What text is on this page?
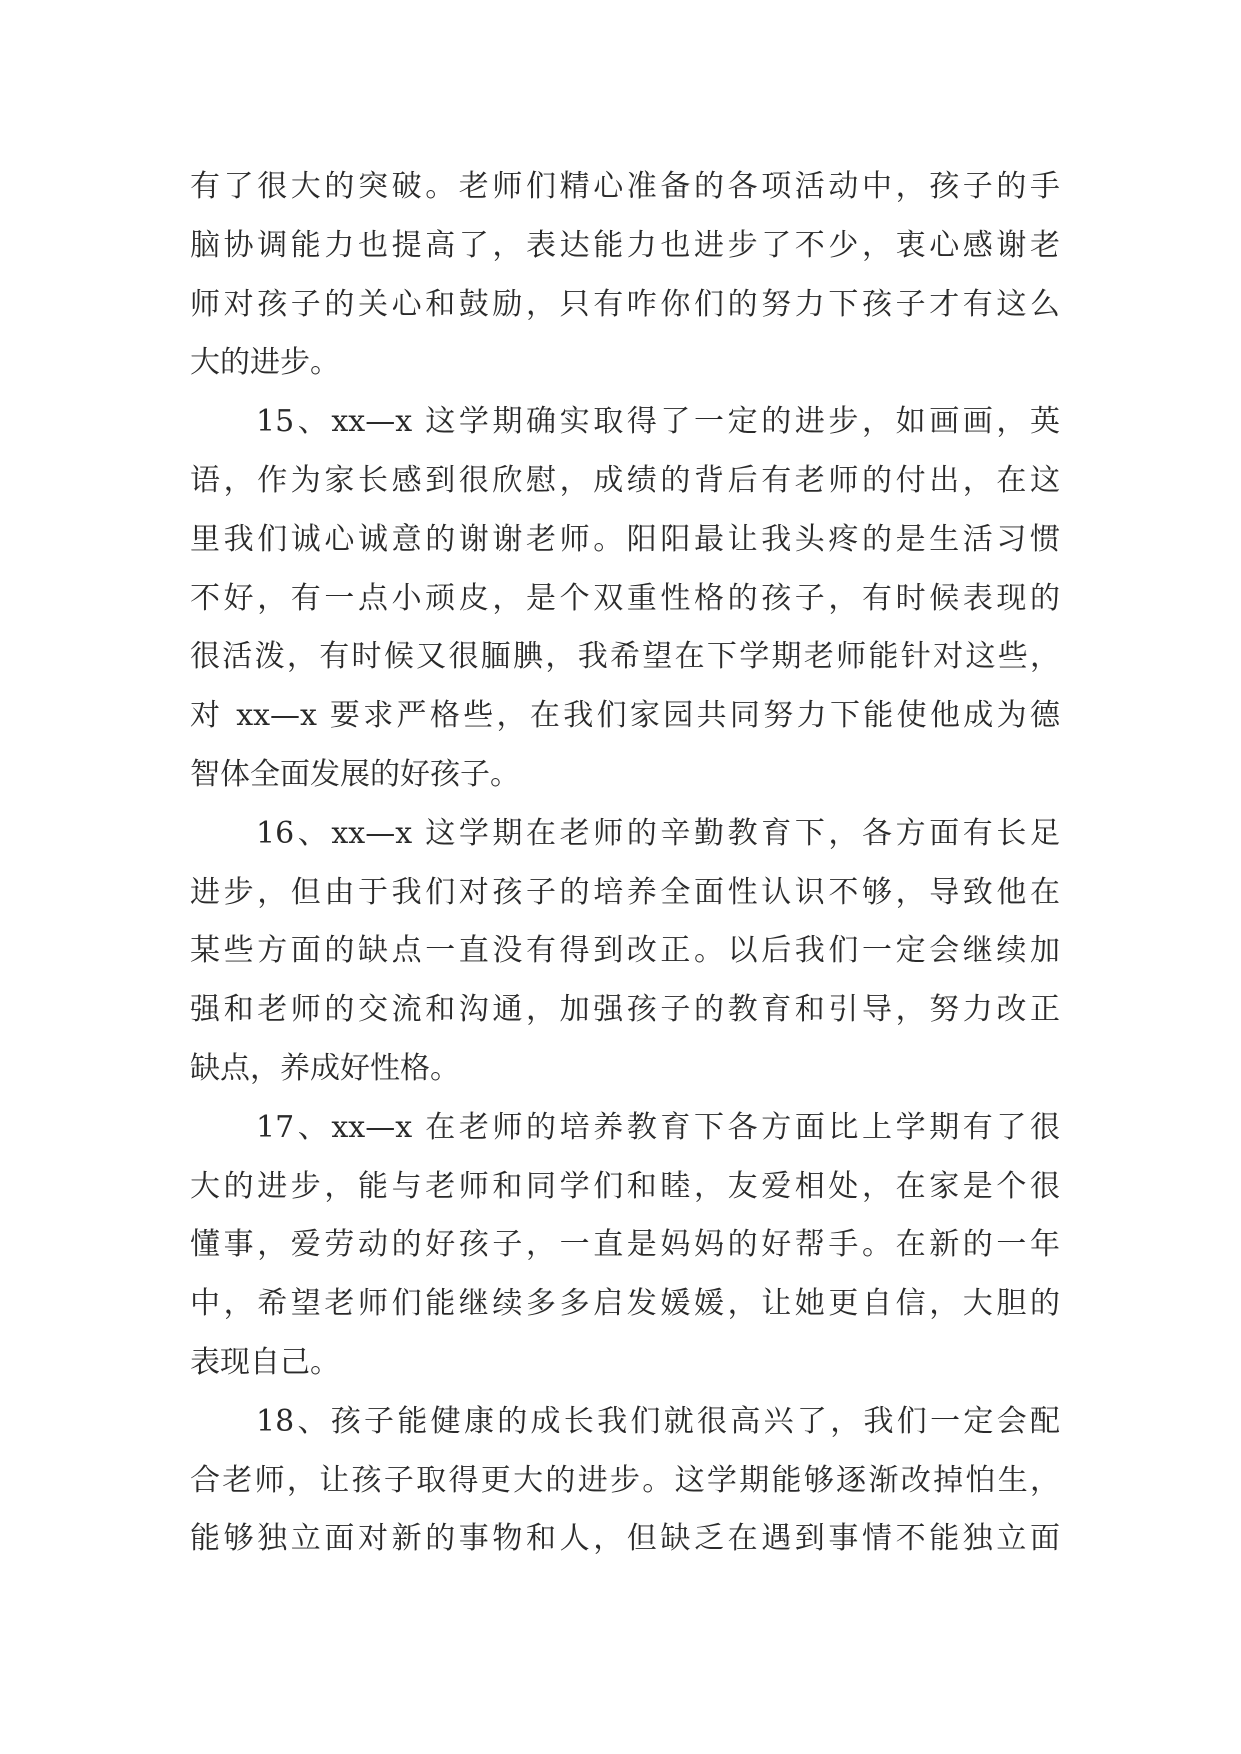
有了很大的突破。老师们精心准备的各项活动中，孩子的手
脑协调能力也提高了，表达能力也进步了不少，衷心感谢老
师对孩子的关心和鼓励，只有咋你们的努力下孩子才有这么
大的进步。
15、xx—x 这学期确实取得了一定的进步，如画画，英
语，作为家长感到很欣慰，成绩的背后有老师的付出，在这
里我们诚心诚意的谢谢老师。阳阳最让我头疼的是生活习惯
不好，有一点小顽皮，是个双重性格的孩子，有时候表现的
很活泼，有时候又很腼腆，我希望在下学期老师能针对这些，
对 xx—x 要求严格些，在我们家园共同努力下能使他成为德
智体全面发展的好孩子。
16、xx—x 这学期在老师的辛勤教育下，各方面有长足
进步，但由于我们对孩子的培养全面性认识不够，导致他在
某些方面的缺点一直没有得到改正。以后我们一定会继续加
强和老师的交流和沟通，加强孩子的教育和引导，努力改正
缺点，养成好性格。
17、xx—x 在老师的培养教育下各方面比上学期有了很
大的进步，能与老师和同学们和睦，友爱相处，在家是个很
懂事，爱劳动的好孩子，一直是妈妈的好帮手。在新的一年
中，希望老师们能继续多多启发媛媛，让她更自信，大胆的
表现自己。
18、孩子能健康的成长我们就很高兴了，我们一定会配
合老师，让孩子取得更大的进步。这学期能够逐渐改掉怕生，
能够独立面对新的事物和人，但缺乏在遇到事情不能独立面
